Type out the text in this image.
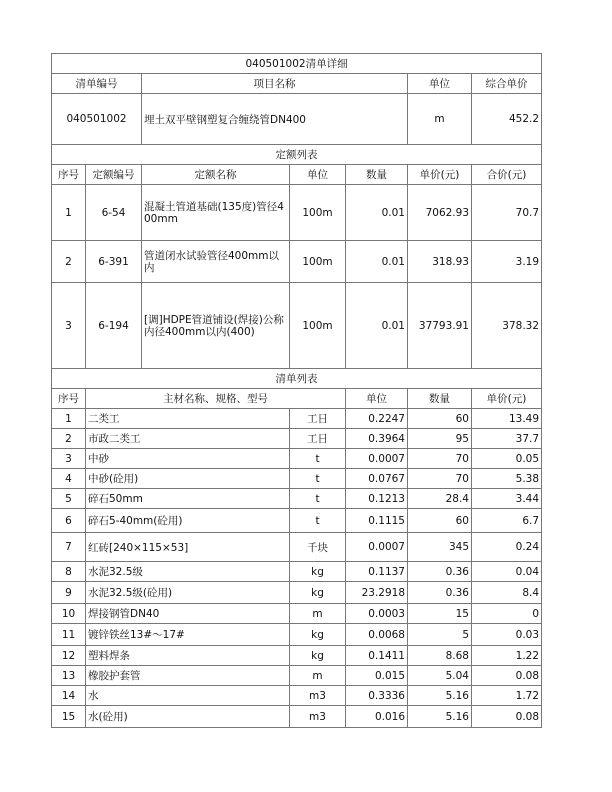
040501002清单详细							
清单编号		项目名称			单位	综合单价	
040501002		埋土双平壁钢塑复合缠绕管DN400			m	452.2	
定额列表							
序号	定额编号	定额名称	单位	数量	单价(元)	合价(元)	
1	6-54	混凝土管道基础(135度)管径400mm	100m	0.01	7062.93	70.7	
2	6-391	管道闭水试验管径400mm以内	100m	0.01	318.93	3.19	
3	6-194	[调]HDPE管道铺设(焊接)公称内径400mm以内(400)	100m	0.01	37793.91	378.32	
清单列表							
序号	主材名称、规格、型号			单位	数量	单价(元)	
1	二类工		工日	0.2247	60	13.49	
2	市政二类工		工日	0.3964	95	37.7	
3	中砂		t	0.0007	70	0.05	
4	中砂(砼用)		t	0.0767	70	5.38	
5	碎石50mm		t	0.1213	28.4	3.44	
6	碎石5-40mm(砼用)		t	0.1115	60	6.7	
7	红砖[240×115×53]		千块	0.0007	345	0.24	
8	水泥32.5级		kg	0.1137	0.36	0.04	
9	水泥32.5级(砼用)		kg	23.2918	0.36	8.4	
10	焊接钢管DN40		m	0.0003	15	0	
11	镀锌铁丝13#～17#		kg	0.0068	5	0.03	
12	塑料焊条		kg	0.1411	8.68	1.22	
13	橡胶护套管		m	0.015	5.04	0.08	
14	水		m3	0.3336	5.16	1.72	
15	水(砼用)		m3	0.016	5.16	0.08	
